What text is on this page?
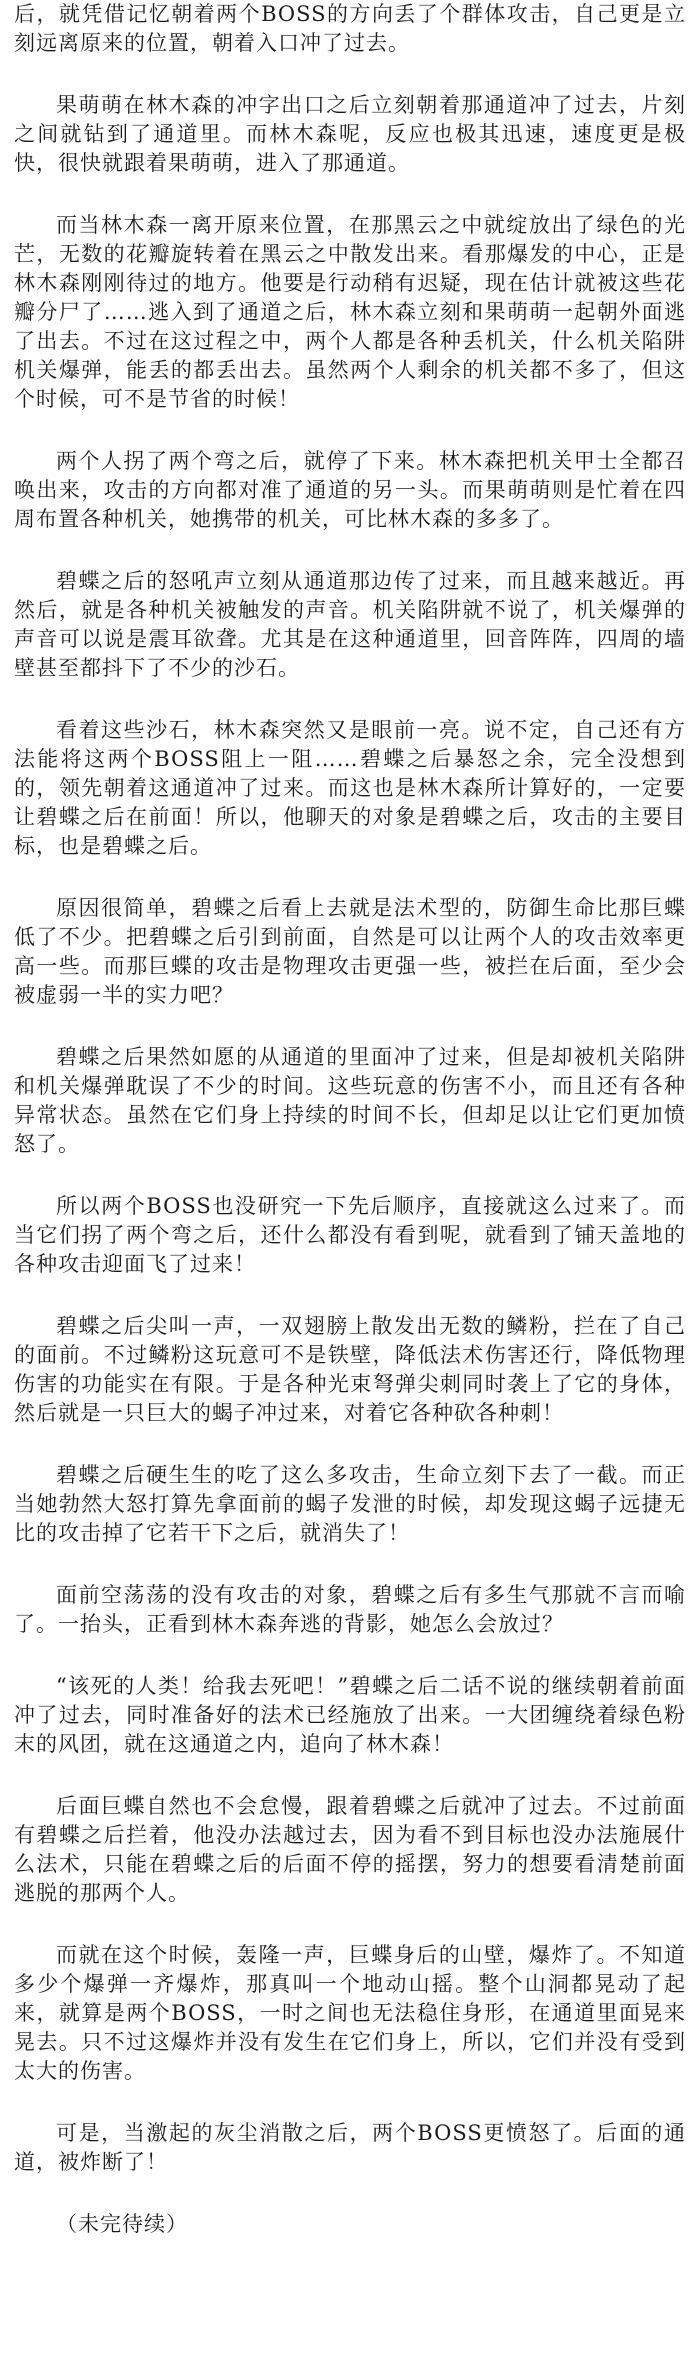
后，就凭借记忆朝着两个BOSS的方向丢了个群体攻击，自己更是立刻远离原来的位置，朝着入口冲了过去。

果萌萌在林木森的冲字出口之后立刻朝着那通道冲了过去，片刻之间就钻到了通道里。而林木森呢，反应也极其迅速，速度更是极快，很快就跟着果萌萌，进入了那通道。

而当林木森一离开原来位置，在那黑云之中就绽放出了绿色的光芒，无数的花瓣旋转着在黑云之中散发出来。看那爆发的中心，正是林木森刚刚待过的地方。他要是行动稍有迟疑，现在估计就被这些花瓣分尸了……逃入到了通道之后，林木森立刻和果萌萌一起朝外面逃了出去。不过在这过程之中，两个人都是各种丢机关，什么机关陷阱机关爆弹，能丢的都丢出去。虽然两个人剩余的机关都不多了，但这个时候，可不是节省的时候！

两个人拐了两个弯之后，就停了下来。林木森把机关甲士全都召唤出来，攻击的方向都对准了通道的另一头。而果萌萌则是忙着在四周布置各种机关，她携带的机关，可比林木森的多多了。

碧蝶之后的怒吼声立刻从通道那边传了过来，而且越来越近。再然后，就是各种机关被触发的声音。机关陷阱就不说了，机关爆弹的声音可以说是震耳欲聋。尤其是在这种通道里，回音阵阵，四周的墙壁甚至都抖下了不少的沙石。

看着这些沙石，林木森突然又是眼前一亮。说不定，自己还有方法能将这两个BOSS阻上一阻……碧蝶之后暴怒之余，完全没想到的，领先朝着这通道冲了过来。而这也是林木森所计算好的，一定要让碧蝶之后在前面！所以，他聊天的对象是碧蝶之后，攻击的主要目标，也是碧蝶之后。

原因很简单，碧蝶之后看上去就是法术型的，防御生命比那巨蝶低了不少。把碧蝶之后引到前面，自然是可以让两个人的攻击效率更高一些。而那巨蝶的攻击是物理攻击更强一些，被拦在后面，至少会被虚弱一半的实力吧？

碧蝶之后果然如愿的从通道的里面冲了过来，但是却被机关陷阱和机关爆弹耽误了不少的时间。这些玩意的伤害不小，而且还有各种异常状态。虽然在它们身上持续的时间不长，但却足以让它们更加愤怒了。

所以两个BOSS也没研究一下先后顺序，直接就这么过来了。而当它们拐了两个弯之后，还什么都没有看到呢，就看到了铺天盖地的各种攻击迎面飞了过来！

碧蝶之后尖叫一声，一双翅膀上散发出无数的鳞粉，拦在了自己的面前。不过鳞粉这玩意可不是铁壁，降低法术伤害还行，降低物理伤害的功能实在有限。于是各种光束弩弹尖刺同时袭上了它的身体，然后就是一只巨大的蝎子冲过来，对着它各种砍各种刺！

碧蝶之后硬生生的吃了这么多攻击，生命立刻下去了一截。而正当她勃然大怒打算先拿面前的蝎子发泄的时候，却发现这蝎子远捷无比的攻击掉了它若干下之后，就消失了！

面前空荡荡的没有攻击的对象，碧蝶之后有多生气那就不言而喻了。一抬头，正看到林木森奔逃的背影，她怎么会放过？

“该死的人类！给我去死吧！”碧蝶之后二话不说的继续朝着前面冲了过去，同时准备好的法术已经施放了出来。一大团缠绕着绿色粉末的风团，就在这通道之内，追向了林木森！

后面巨蝶自然也不会怠慢，跟着碧蝶之后就冲了过去。不过前面有碧蝶之后拦着，他没办法越过去，因为看不到目标也没办法施展什么法术，只能在碧蝶之后的后面不停的摇摆，努力的想要看清楚前面逃脱的那两个人。

而就在这个时候，轰隆一声，巨蝶身后的山壁，爆炸了。不知道多少个爆弹一齐爆炸，那真叫一个地动山摇。整个山洞都晃动了起来，就算是两个BOSS，一时之间也无法稳住身形，在通道里面晃来晃去。只不过这爆炸并没有发生在它们身上，所以，它们并没有受到太大的伤害。

可是，当激起的灰尘消散之后，两个BOSS更愤怒了。后面的通道，被炸断了！

（未完待续）
